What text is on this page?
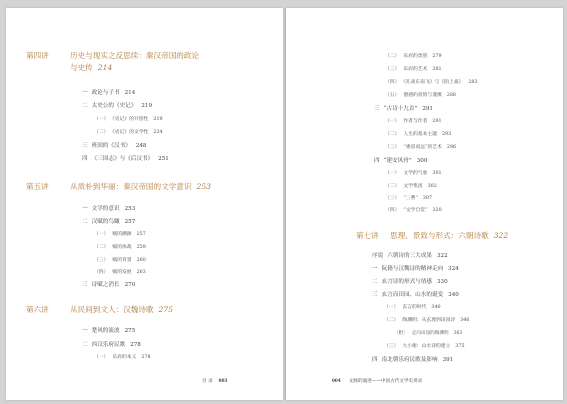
第四讲	历史与现实之反思续：秦汉帝国的政论
与史传 214
一 政论与子书 214
二 太史公的《史记》 219
（一） 《史记》的开创性 219
（二） 《史记》的文学性 224
三 班固的《汉书》 248
四 《三国志》与《后汉书》 251
第五讲	从质朴到华丽：秦汉帝国的文学意识 253
一 文学的意识 253
二 汉赋的鸟瞰 257
（一） 赋的渊源 257
（二） 赋的体裁 259
（三） 赋的背景 260
（四） 赋的发展 263
三 诗赋之消长 270
第六讲	从民间到文人：汉魏诗歌 275
一 楚风的流波 275
二 西汉乐府民歌 278
（一） 乐府的本义 278
目 录 003
（二） 乐府的类别 279
（三） 乐府的艺术 281
（四） 《孔雀东南飞》与《陌上桑》 283
（五） 德感的真情与谨慎 288
三 “古诗十九首” 291
（一） 作者与作者 291
（二） 人生的基本主题 293
（三） “惠思而远”的艺术 296
四 “建安风骨” 300
（一） 文学的气象 301
（二） 文学集团 302
（三） “三曹” 307
（四） “文学自觉” 320
第七讲 思理、景致与形式：六朝诗歌 322
序说 六朝诗的三大成果 322
一 阮籍与汉魏诗的精神走向 324
二 玄言诗的形式与情感 330
三 玄言而田园、山水的诞变 340
（一） 玄言的时代 340
（二） 陶渊明：从玄理到田园诗 346
〔附〕 走向田园的陶渊明 363
（三） 大小谢：山水诗的建立 375
四 南北朝乐府民歌及影响 391
004 文脉的涌进——中国古代文学史讲录
